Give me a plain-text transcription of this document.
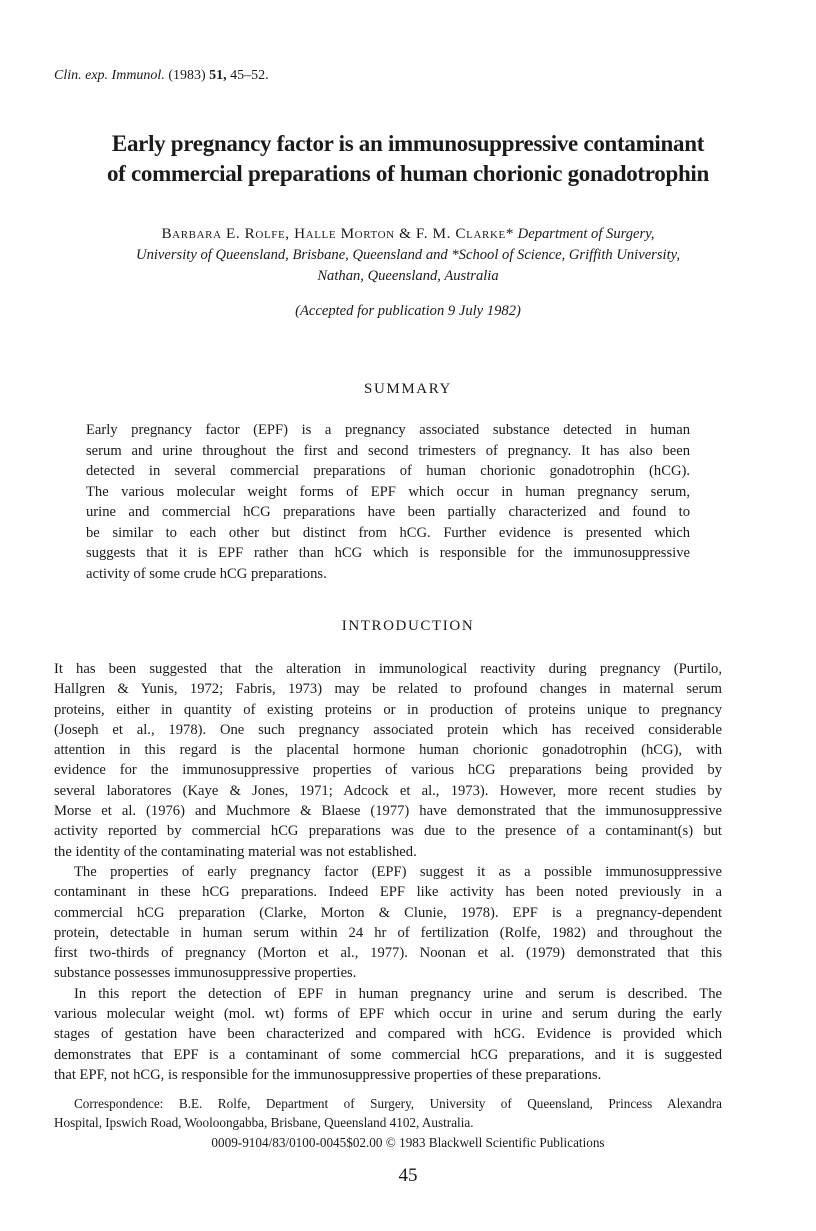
Clin. exp. Immunol. (1983) 51, 45–52.
Early pregnancy factor is an immunosuppressive contaminant
of commercial preparations of human chorionic gonadotrophin
Barbara E. Rolfe, Halle Morton & F. M. Clarke* Department of Surgery,
University of Queensland, Brisbane, Queensland and *School of Science, Griffith University,
Nathan, Queensland, Australia
(Accepted for publication 9 July 1982)
SUMMARY
Early pregnancy factor (EPF) is a pregnancy associated substance detected in human
serum and urine throughout the first and second trimesters of pregnancy. It has also been
detected in several commercial preparations of human chorionic gonadotrophin (hCG).
The various molecular weight forms of EPF which occur in human pregnancy serum,
urine and commercial hCG preparations have been partially characterized and found to
be similar to each other but distinct from hCG. Further evidence is presented which
suggests that it is EPF rather than hCG which is responsible for the immunosuppressive
activity of some crude hCG preparations.
INTRODUCTION
It has been suggested that the alteration in immunological reactivity during pregnancy (Purtilo,
Hallgren & Yunis, 1972; Fabris, 1973) may be related to profound changes in maternal serum
proteins, either in quantity of existing proteins or in production of proteins unique to pregnancy
(Joseph et al., 1978). One such pregnancy associated protein which has received considerable
attention in this regard is the placental hormone human chorionic gonadotrophin (hCG), with
evidence for the immunosuppressive properties of various hCG preparations being provided by
several laboratores (Kaye & Jones, 1971; Adcock et al., 1973). However, more recent studies by
Morse et al. (1976) and Muchmore & Blaese (1977) have demonstrated that the immunosuppressive
activity reported by commercial hCG preparations was due to the presence of a contaminant(s) but
the identity of the contaminating material was not established.
The properties of early pregnancy factor (EPF) suggest it as a possible immunosuppressive
contaminant in these hCG preparations. Indeed EPF like activity has been noted previously in a
commercial hCG preparation (Clarke, Morton & Clunie, 1978). EPF is a pregnancy-dependent
protein, detectable in human serum within 24 hr of fertilization (Rolfe, 1982) and throughout the
first two-thirds of pregnancy (Morton et al., 1977). Noonan et al. (1979) demonstrated that this
substance possesses immunosuppressive properties.
In this report the detection of EPF in human pregnancy urine and serum is described. The
various molecular weight (mol. wt) forms of EPF which occur in urine and serum during the early
stages of gestation have been characterized and compared with hCG. Evidence is provided which
demonstrates that EPF is a contaminant of some commercial hCG preparations, and it is suggested
that EPF, not hCG, is responsible for the immunosuppressive properties of these preparations.
Correspondence: B.E. Rolfe, Department of Surgery, University of Queensland, Princess Alexandra
Hospital, Ipswich Road, Wooloongabba, Brisbane, Queensland 4102, Australia.
0009-9104/83/0100-0045$02.00 © 1983 Blackwell Scientific Publications
45
